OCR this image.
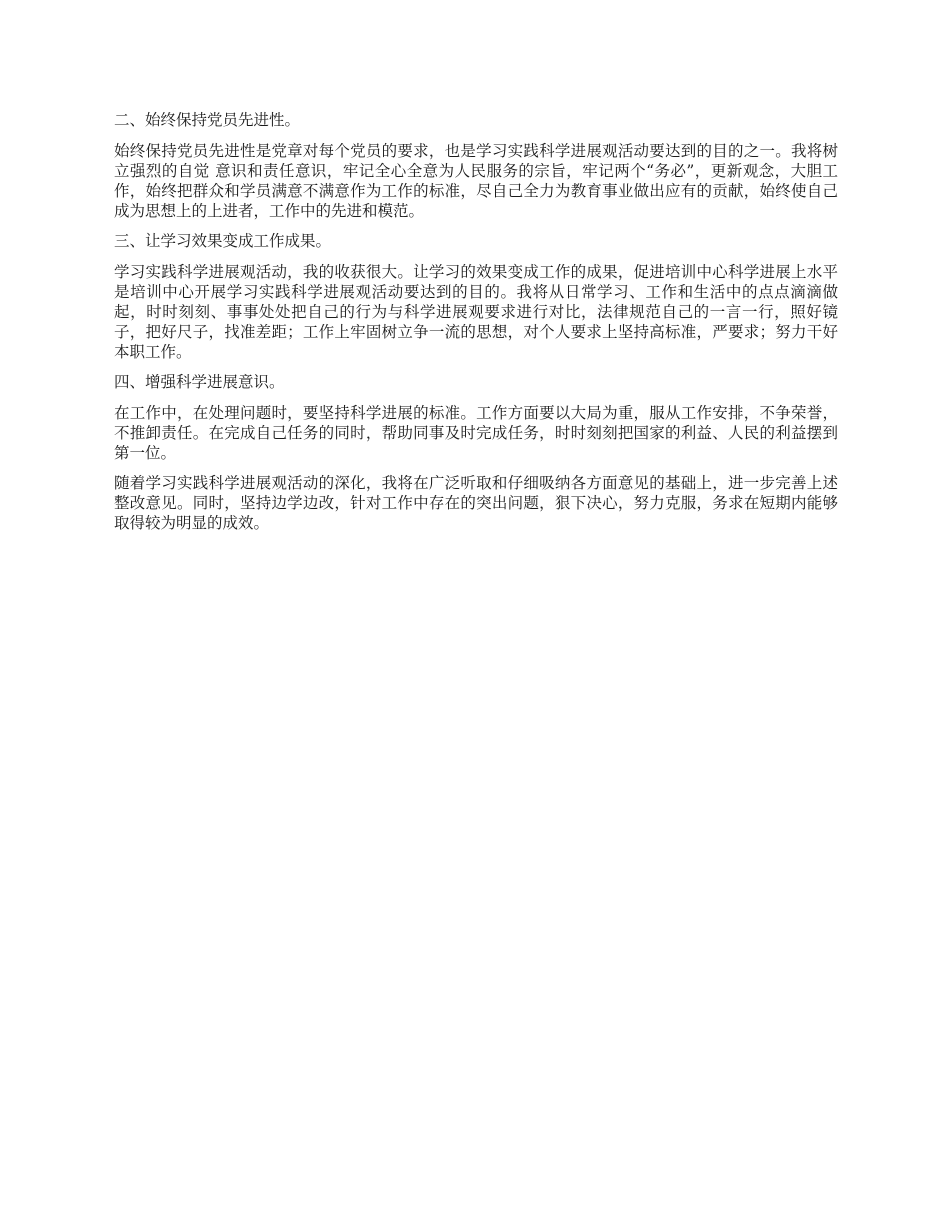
二、始终保持党员先进性。

始终保持党员先进性是党章对每个党员的要求，也是学习实践科学进展观活动要达到的目的之一。我将树立强烈的自觉 意识和责任意识，牢记全心全意为人民服务的宗旨，牢记两个“务必”，更新观念，大胆工作，始终把群众和学员满意不满意作为工作的标准，尽自己全力为教育事业做出应有的贡献，始终使自己成为思想上的上进者，工作中的先进和模范。

三、让学习效果变成工作成果。

学习实践科学进展观活动，我的收获很大。让学习的效果变成工作的成果，促进培训中心科学进展上水平是培训中心开展学习实践科学进展观活动要达到的目的。我将从日常学习、工作和生活中的点点滴滴做起，时时刻刻、事事处处把自己的行为与科学进展观要求进行对比，法律规范自己的一言一行，照好镜子，把好尺子，找准差距；工作上牢固树立争一流的思想，对个人要求上坚持高标准，严要求；努力干好本职工作。

四、增强科学进展意识。

在工作中，在处理问题时，要坚持科学进展的标准。工作方面要以大局为重，服从工作安排，不争荣誉，不推卸责任。在完成自己任务的同时，帮助同事及时完成任务，时时刻刻把国家的利益、人民的利益摆到第一位。

随着学习实践科学进展观活动的深化，我将在广泛听取和仔细吸纳各方面意见的基础上，进一步完善上述整改意见。同时，坚持边学边改，针对工作中存在的突出问题，狠下决心，努力克服，务求在短期内能够取得较为明显的成效。
